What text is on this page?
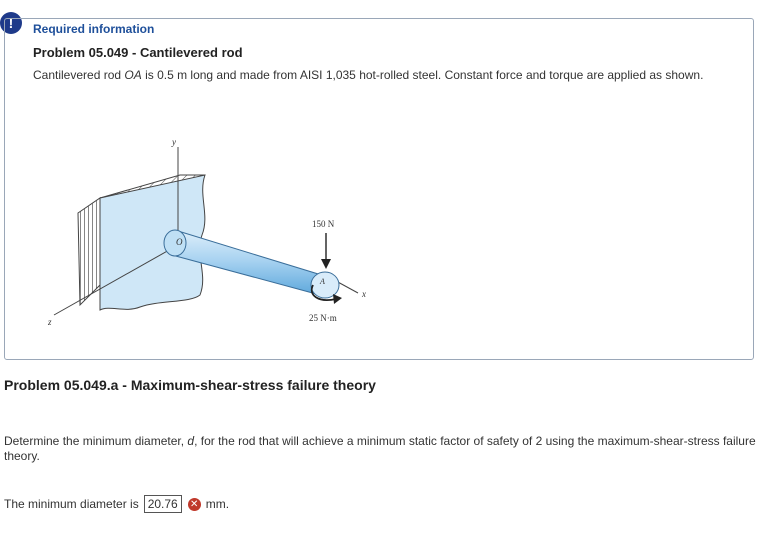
! Required information
Problem 05.049 - Cantilevered rod
Cantilevered rod OA is 0.5 m long and made from AISI 1,035 hot-rolled steel. Constant force and torque are applied as shown.
y
z
x
O
A
150 N
25 N·m
Problem 05.049.a - Maximum-shear-stress failure theory
Determine the minimum diameter, d, for the rod that will achieve a minimum static factor of safety of 2 using the maximum-shear-stress failure theory.
The minimum diameter is 20.76	✕ mm.
